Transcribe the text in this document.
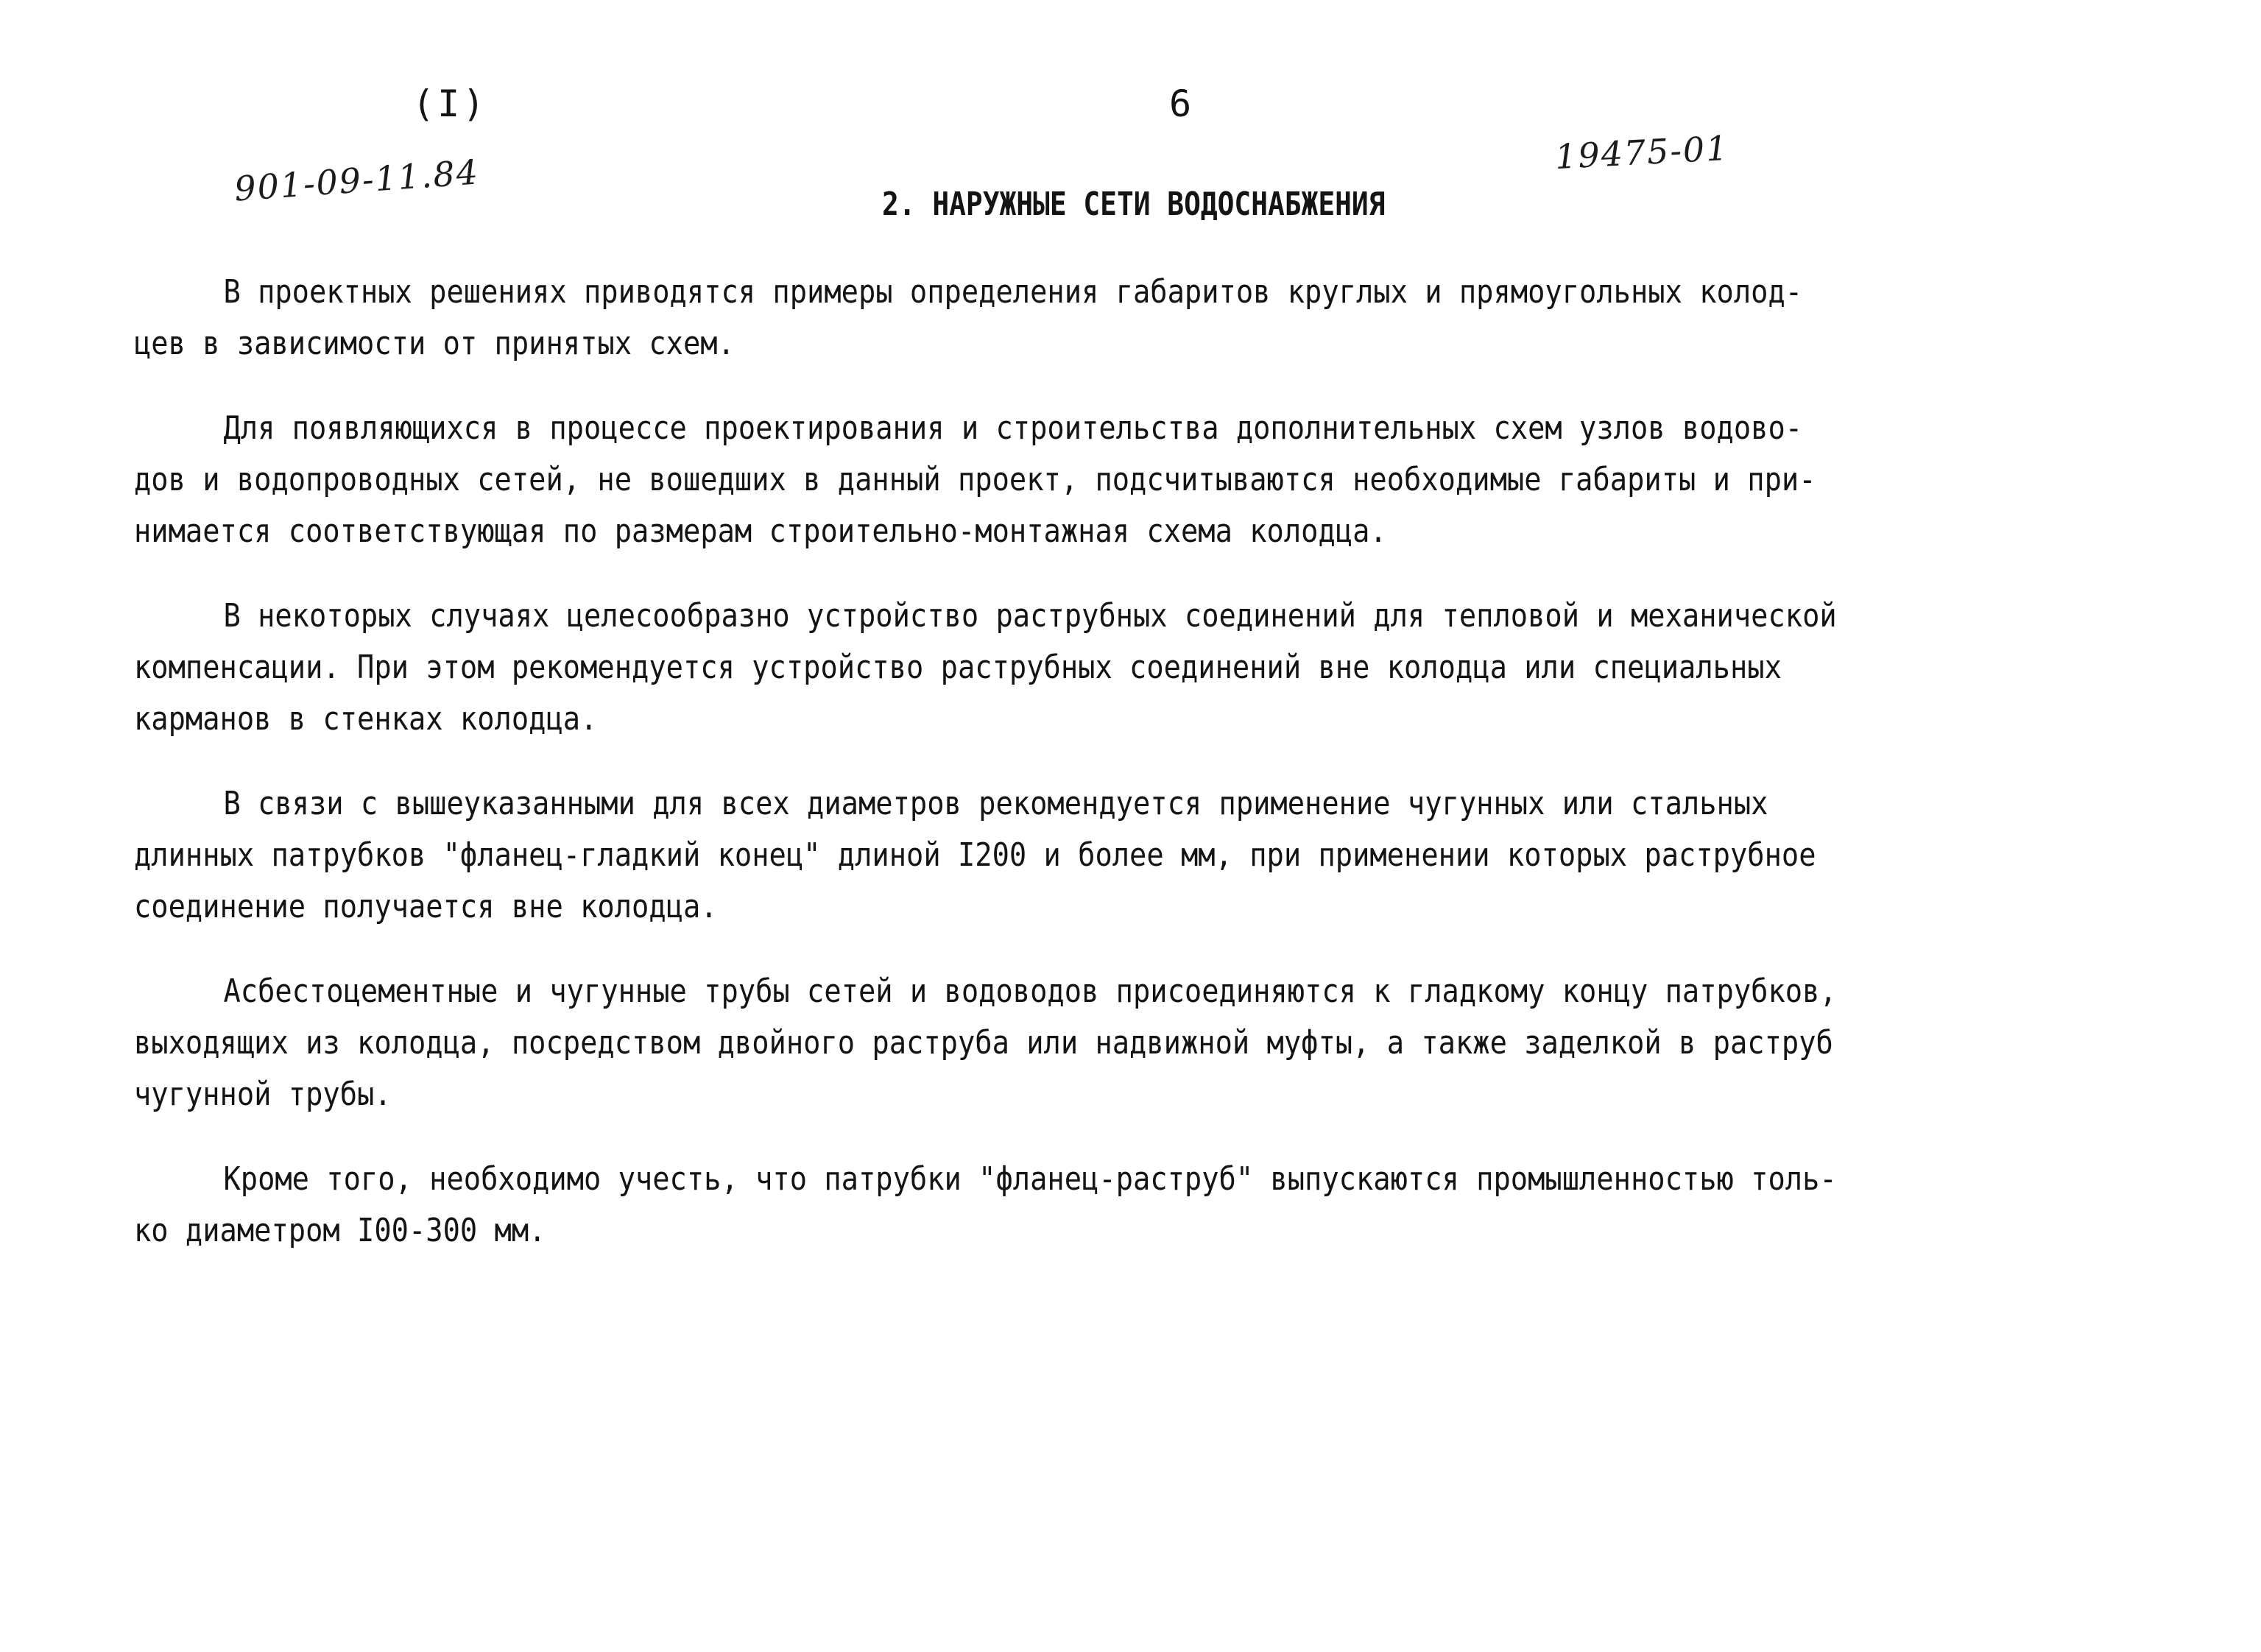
(I)	6
901-09-11.84	19475-01
2. НАРУЖНЫЕ СЕТИ ВОДОСНАБЖЕНИЯ

В проектных решениях приводятся примеры определения габаритов круглых и прямоугольных колод-
цев в зависимости от принятых схем.

Для появляющихся в процессе проектирования и строительства дополнительных схем узлов водово-
дов и водопроводных сетей, не вошедших в данный проект, подсчитываются необходимые габариты и при-
нимается соответствующая по размерам строительно-монтажная схема колодца.

В некоторых случаях целесообразно устройство раструбных соединений для тепловой и механической
компенсации. При этом рекомендуется устройство раструбных соединений вне колодца или специальных
карманов в стенках колодца.

В связи с вышеуказанными для всех диаметров рекомендуется применение чугунных или стальных
длинных патрубков "фланец-гладкий конец" длиной I200 и более мм, при применении которых раструбное
соединение получается вне колодца.

Асбестоцементные и чугунные трубы сетей и водоводов присоединяются к гладкому концу патрубков,
выходящих из колодца, посредством двойного раструба или надвижной муфты, а также заделкой в раструб
чугунной трубы.

Кроме того, необходимо учесть, что патрубки "фланец-раструб" выпускаются промышленностью толь-
ко диаметром I00-300 мм.
